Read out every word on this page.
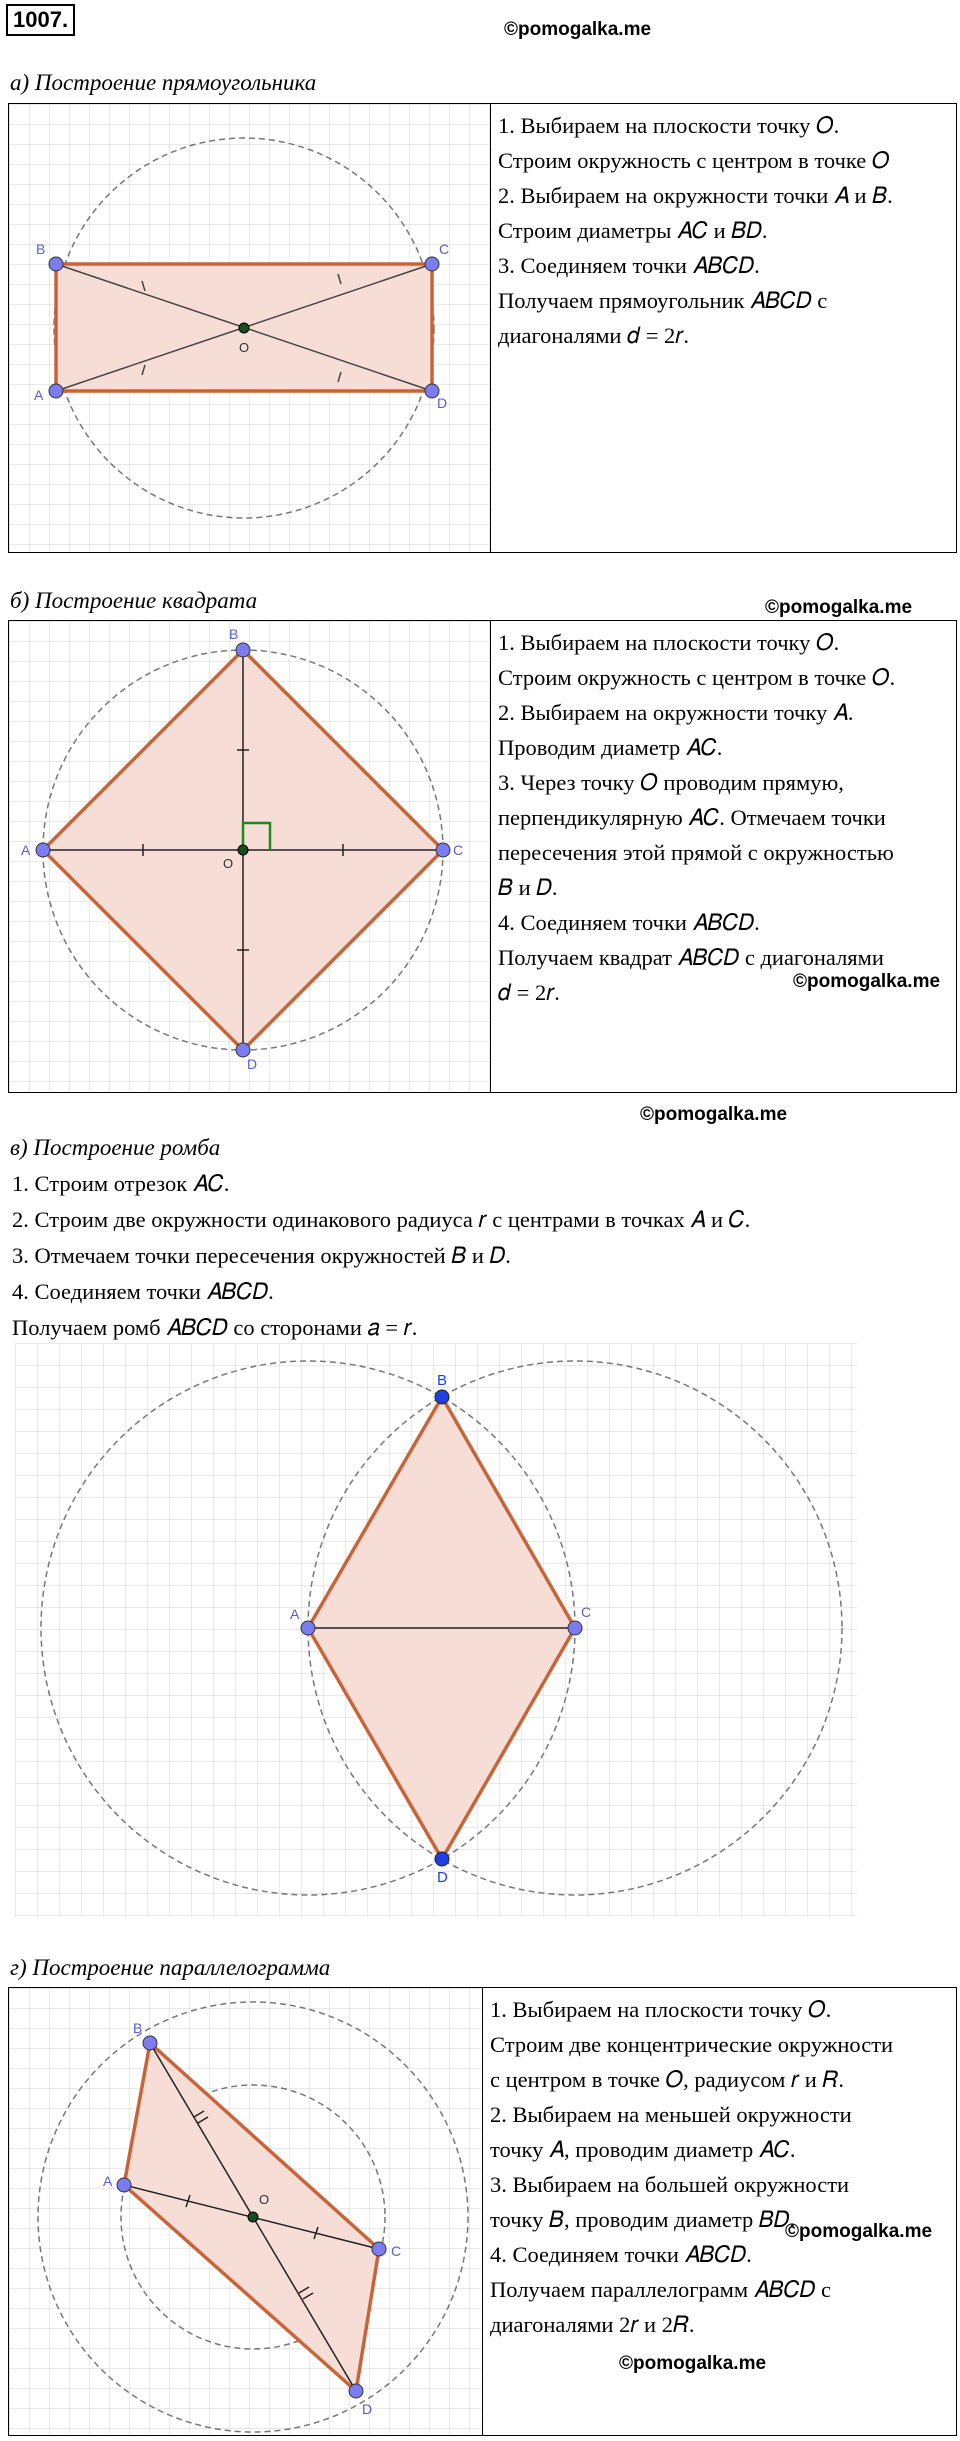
1007.	©pomogalka.me
а) Построение прямоугольника
B	C
A	D
O

1. Выбираем на плоскости точку 𝑂.

Строим окружность с центром в точке 𝑂

2. Выбираем на окружности точки 𝐴 и 𝐵.

Строим диаметры 𝐴𝐶 и 𝐵𝐷.

3. Соединяем точки 𝐴𝐵𝐶𝐷.

Получаем прямоугольник 𝐴𝐵𝐶𝐷 с

диагоналями 𝑑 = 2𝑟.

б) Построение квадрата	©pomogalka.me
A
B
C
D
O

1. Выбираем на плоскости точку 𝑂.

Строим окружность с центром в точке 𝑂.

2. Выбираем на окружности точку 𝐴.

Проводим диаметр 𝐴𝐶.

3. Через точку 𝑂 проводим прямую,

перпендикулярную 𝐴𝐶. Отмечаем точки

пересечения этой прямой с окружностью

𝐵 и 𝐷.

4. Соединяем точки 𝐴𝐵𝐶𝐷.

Получаем квадрат 𝐴𝐵𝐶𝐷 с диагоналями

𝑑 = 2𝑟.	©pomogalka.me
©pomogalka.me
в) Построение ромба

1. Строим отрезок 𝐴𝐶.

2. Строим две окружности одинакового радиуса 𝑟 с центрами в точках 𝐴 и 𝐶.

3. Отмечаем точки пересечения окружностей 𝐵 и 𝐷.

4. Соединяем точки 𝐴𝐵𝐶𝐷.

Получаем ромб 𝐴𝐵𝐶𝐷 со сторонами 𝑎 = 𝑟.

A	C
B
D
г) Построение параллелограмма
B
A
C
D
O

1. Выбираем на плоскости точку 𝑂.

Строим две концентрические окружности

с центром в точке 𝑂, радиусом 𝑟 и 𝑅.

2. Выбираем на меньшей окружности

точку 𝐴, проводим диаметр 𝐴𝐶.

3. Выбираем на большей окружности

точку 𝐵, проводим диаметр 𝐵𝐷.

4. Соединяем точки 𝐴𝐵𝐶𝐷.

Получаем параллелограмм 𝐴𝐵𝐶𝐷 с

диагоналями 2𝑟 и 2𝑅.

©pomogalka.me
©pomogalka.me
